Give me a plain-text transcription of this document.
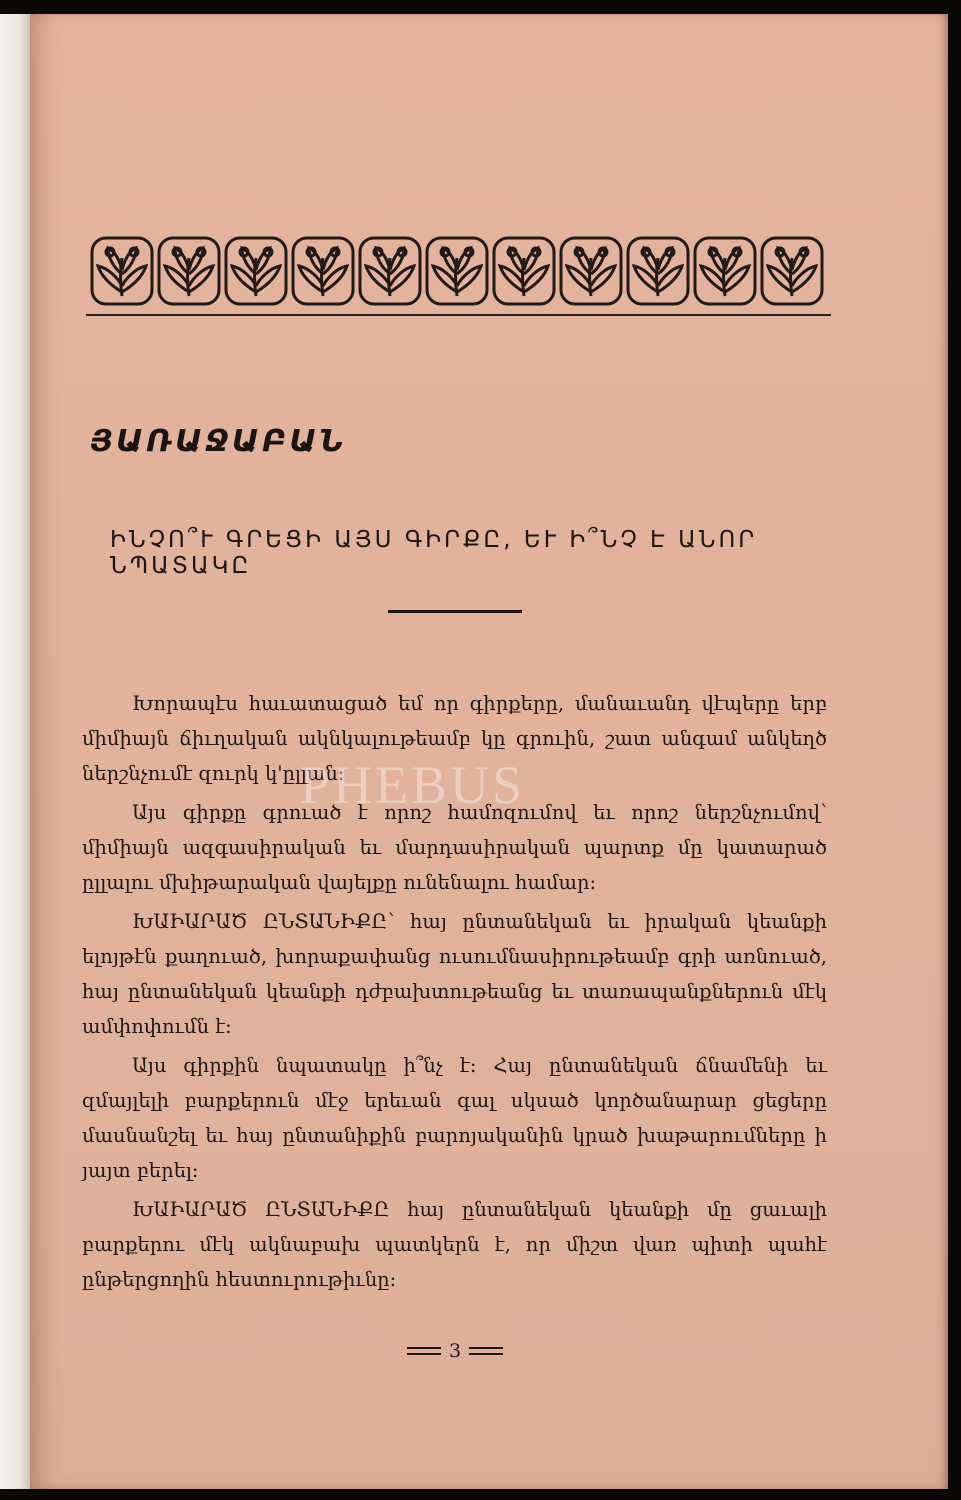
ՅԱՌԱՋԱԲԱՆ
ԻՆՉՈ՞Ւ ԳՐԵՑԻ ԱՅՍ ԳԻՐՔԸ, ԵՒ Ի՞ՆՉ Է ԱՆՈՐ ՆՊԱՏԱԿԸ

Խորապէս հաւատացած եմ որ գիրքերը, մանաւանդ վէպերը երբ միմիայն ճիւղական ակնկալութեամբ կը գրուին, շատ անգամ անկեղծ ներշնչումէ զուրկ կ'ըլլան։

Այս գիրքը գրուած է որոշ համոզումով եւ որոշ ներշնչումով՝ միմիայն ազգասիրական եւ մարդասիրական պարտք մը կատարած ըլլալու մխիթարական վայելքը ունենալու համար։

ԽԱԻԱՐԱԾ ԸՆՏԱՆԻՔԸ՝ հայ ընտանեկան եւ իրական կեանքի ելոյթէն քաղուած, խորաքափանց ուսումնասիրութեամբ գրի առնուած, հայ ընտանեկան կեանքի դժբախտութեանց եւ տառապանքներուն մէկ ամփոփումն է։

Այս գիրքին նպատակը ի՞նչ է։ Հայ ընտանեկան ճնամենի եւ զմայլելի բարքերուն մէջ երեւան գալ սկսած կործանարար ցեցերը մասնանշել եւ հայ ընտանիքին բարոյականին կրած խաթարումները ի յայտ բերել։

ԽԱԻԱՐԱԾ ԸՆՏԱՆԻՔԸ հայ ընտանեկան կեանքի մը ցաւալի բարքերու մէկ ակնաբախ պատկերն է, որ միշտ վառ պիտի պահէ ընթերցողին հեստուրութիւնը։

PHEBUS
3
